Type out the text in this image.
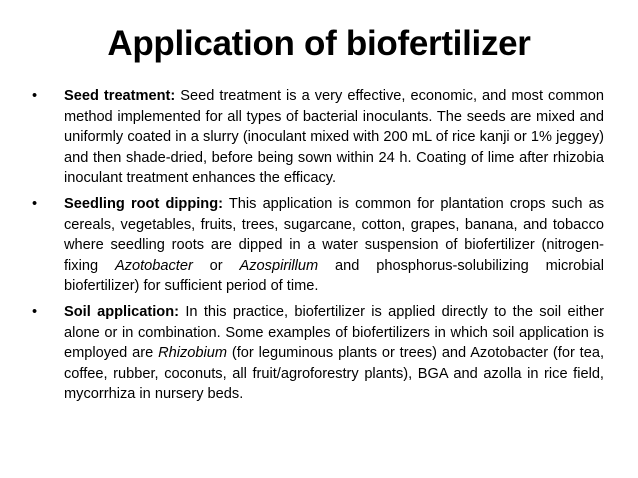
Application of biofertilizer
•	Seed treatment: Seed treatment is a very effective, economic, and most common method implemented for all types of bacterial inoculants. The seeds are mixed and uniformly coated in a slurry (inoculant mixed with 200 mL of rice kanji or 1% jeggey) and then shade-dried, before being sown within 24 h. Coating of lime after rhizobia inoculant treatment enhances the efficacy.
•	Seedling root dipping: This application is common for plantation crops such as cereals, vegetables, fruits, trees, sugarcane, cotton, grapes, banana, and tobacco where seedling roots are dipped in a water suspension of biofertilizer (nitrogen-fixing Azotobacter or Azospirillum and phosphorus-solubilizing microbial biofertilizer) for sufficient period of time.
•	Soil application: In this practice, biofertilizer is applied directly to the soil either alone or in combination. Some examples of biofertilizers in which soil application is employed are Rhizobium (for leguminous plants or trees) and Azotobacter (for tea, coffee, rubber, coconuts, all fruit/agroforestry plants), BGA and azolla in rice field, mycorrhiza in nursery beds.
